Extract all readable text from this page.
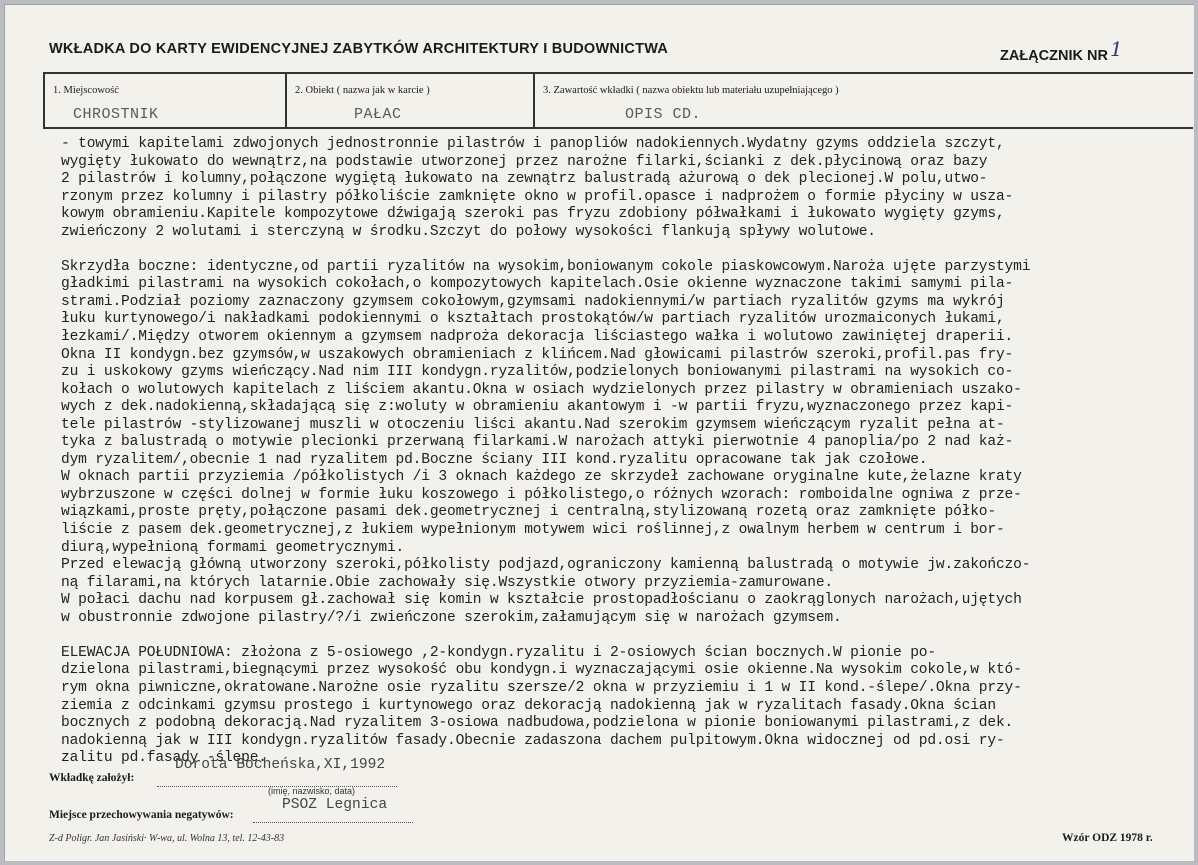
WKŁADKA DO KARTY EWIDENCYJNEJ ZABYTKÓW ARCHITEKTURY I BUDOWNICTWA	ZAŁĄCZNIK NR 1
1. Miejscowość
CHROSTNIK
2. Obiekt ( nazwa jak w karcie )
PAŁAC
3. Zawartość wkładki ( nazwa obiektu lub materiału uzupełniającego )
OPIS CD.
- towymi kapitelami zdwojonych jednostronnie pilastrów i panopliów nadokiennych.Wydatny gzyms oddziela szczyt,
wygięty łukowato do wewnątrz,na podstawie utworzonej przez narożne filarki,ścianki z dek.płycinową oraz bazy
2 pilastrów i kolumny,połączone wygiętą łukowato na zewnątrz balustradą ażurową o dek plecionej.W polu,utwo-
rzonym przez kolumny i pilastry półkoliście zamknięte okno w profil.opasce i nadprożem o formie płyciny w uszа-
kowym obramieniu.Kapitele kompozytowe dźwigają szeroki pas fryzu zdobiony półwałkami i łukowato wygięty gzyms,
zwieńczony 2 wolutami i sterczyną w środku.Szczyt do połowy wysokości flankują spływy wolutowe.
Skrzydła boczne: identyczne,od partii ryzalitów na wysokim,boniowanym cokole piaskowcowym.Naroża ujęte parzystymi
gładkimi pilastrami na wysokich cokołach,o kompozytowych kapitelach.Osie okienne wyznaczone takimi samymi pila-
strami.Podział poziomy zaznaczony gzymsem cokołowym,gzymsami nadokiennymi/w partiach ryzalitów gzyms ma wykrój
łuku kurtynowego/i nakładkami podokiennymi o kształtach prostokątów/w partiach ryzalitów urozmaiconych łukami,
łezkami/.Między otworem okiennym a gzymsem nadproża dekoracja liściastego wałka i wolutowo zawiniętej draperii.
Okna II kondygn.bez gzymsów,w uszakowych obramieniach z klińcem.Nad głowicami pilastrów szeroki,profil.pas fry-
zu i uskokowy gzyms wieńczący.Nad nim III kondygn.ryzalitów,podzielonych boniowanymi pilastrami na wysokich co-
kołach o wolutowych kapitelach z liściem akantu.Okna w osiach wydzielonych przez pilastry w obramieniach uszako-
wych z dek.nadokienną,składającą się z:woluty w obramieniu akantowym i -w partii fryzu,wyznaczonego przez kapi-
tele pilastrów -stylizowanej muszli w otoczeniu liści akantu.Nad szerokim gzymsem wieńczącym ryzalit pełna at-
tyka z balustradą o motywie plecionki przerwaną filarkami.W narożach attyki pierwotnie 4 panoplia/po 2 nad każ-
dym ryzalitem/,obecnie 1 nad ryzalitem pd.Boczne ściany III kond.ryzalitu opracowane tak jak czołowe.
W oknach partii przyziemia /półkolistych /i 3 oknach każdego ze skrzydeł zachowane oryginalne kute,żelazne kraty
wybrzuszone w części dolnej w formie łuku koszowego i półkolistego,o różnych wzorach: romboidalne ogniwa z prze-
wiązkami,proste pręty,połączone pasami dek.geometrycznej i centralną,stylizowaną rozetą oraz zamknięte półko-
liście z pasem dek.geometrycznej,z łukiem wypełnionym motywem wici roślinnej,z owalnym herbem w centrum i bor-
diurą,wypełnioną formami geometrycznymi.
Przed elewacją główną utworzony szeroki,półkolisty podjazd,ograniczony kamienną balustradą o motywie jw.zakończo-
ną filarami,na których latarnie.Obie zachowały się.Wszystkie otwory przyziemia-zamurowane.
W połaci dachu nad korpusem gł.zachował się komin w kształcie prostopadłościanu o zaokrąglonych narożach,ujętych
w obustronnie zdwojone pilastry/?/i zwieńczone szerokim,załamującym się w narożach gzymsem.
ELEWACJA POŁUDNIOWA: złożona z 5-osiowego ,2-kondygn.ryzalitu i 2-osiowych ścian bocznych.W pionie po-
dzielona pilastrami,biegnącymi przez wysokość obu kondygn.i wyznaczającymi osie okienne.Na wysokim cokole,w któ-
rym okna piwniczne,okratowane.Narożne osie ryzalitu szersze/2 okna w przyziemiu i 1 w II kond.-ślepe/.Okna przy-
ziemia z odcinkami gzymsu prostego i kurtynowego oraz dekoracją nadokienną jak w ryzalitach fasady.Okna ścian
bocznych z podobną dekoracją.Nad ryzalitem 3-osiowa nadbudowa,podzielona w pionie boniowanymi pilastrami,z dek.
nadokienną jak w III kondygn.ryzalitów fasady.Obecnie zadaszona dachem pulpitowym.Okna widocznej od pd.osi ry-
zalitu pd.fasady -ślepe.
Wkładkę założył:
Dorota Bocheńska,XI,1992
(imię, nazwisko, data)
Miejsce przechowywania negatywów:
PSOZ Legnica
Z-d Poligr. Jan Jasiński· W-wa, ul. Wolna 13, tel. 12-43-83	Wzór ODZ 1978 r.
